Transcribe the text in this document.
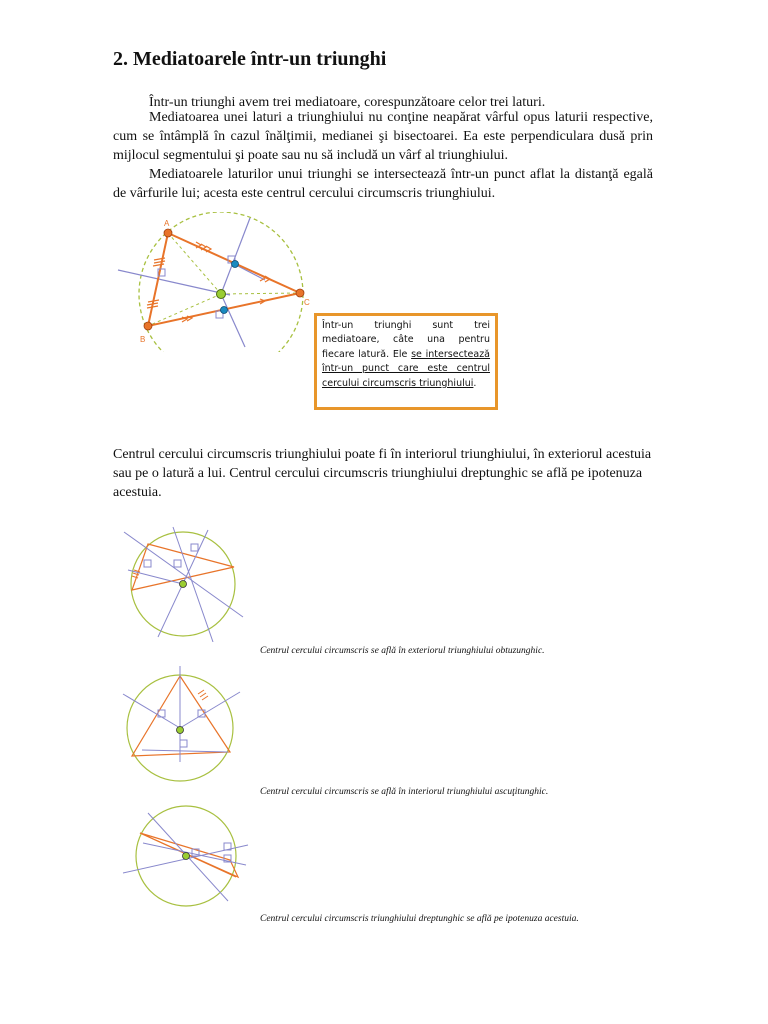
2. Mediatoarele într-un triunghi

Într-un triunghi avem trei mediatoare, corespunzătoare celor trei laturi.

Mediatoarea unei laturi a triunghiului nu conţine neapărat vârful opus laturii respective, cum se întâmplă în cazul înălţimii, medianei şi bisectoarei. Ea este perpendiculara dusă prin mijlocul segmentului şi poate sau nu să includă un vârf al triunghiului.

Mediatoarele laturilor unui triunghi se intersectează într-un punct aflat la distanţă egală de vârfurile lui; acesta este centrul cercului circumscris triunghiului.

A
B
C
Într-un triunghi sunt trei mediatoare, câte una pentru fiecare latură. Ele se intersectează într-un punct care este centrul cercului circumscris triunghiului.

Centrul cercului circumscris triunghiului poate fi în interiorul triunghiului, în exteriorul acestuia sau pe o latură a lui. Centrul cercului circumscris triunghiului dreptunghic se află pe ipotenuza acestuia.

Centrul cercului circumscris se află în exteriorul triunghiului obtuzunghic.
Centrul cercului circumscris se află în interiorul triunghiului ascuţitunghic.
Centrul cercului circumscris triunghiului dreptunghic se află pe ipotenuza acestuia.
